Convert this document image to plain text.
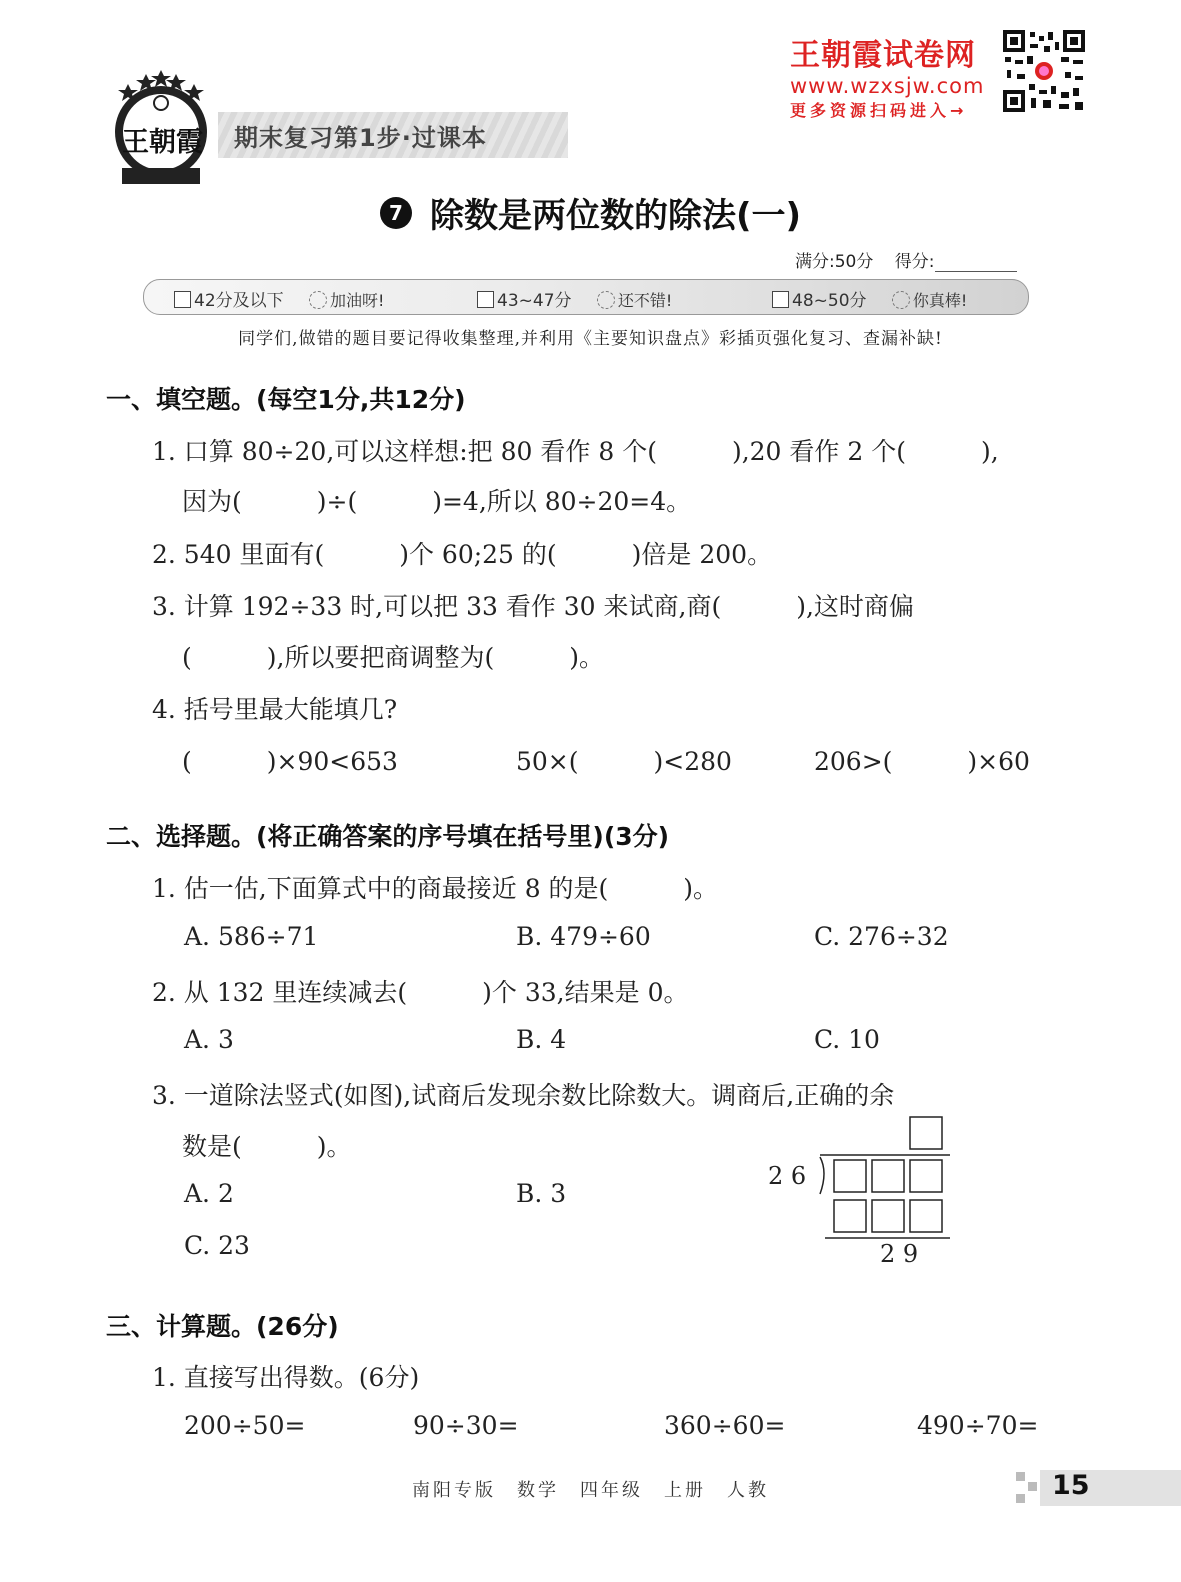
王朝霞 期末复习第1步·过课本
王朝霞试卷网
www.wzxsjw.com
更多资源扫码进入→
7 除数是两位数的除法(一)
满分:50分 得分:
42分及以下	加油呀!	43~47分	还不错!	48~50分	你真棒!
同学们,做错的题目要记得收集整理,并利用《主要知识盘点》彩插页强化复习、查漏补缺!
一、填空题。(每空1分,共12分)
1. 口算 80÷20,可以这样想:把 80 看作 8 个(　　　),20 看作 2 个(　　　),
因为(　　　)÷(　　　)=4,所以 80÷20=4。
2. 540 里面有(　　　)个 60;25 的(　　　)倍是 200。
3. 计算 192÷33 时,可以把 33 看作 30 来试商,商(　　　),这时商偏
(　　　),所以要把商调整为(　　　)。
4. 括号里最大能填几?
(　　　)×90<653	50×(　　　)<280	206>(　　　)×60
二、选择题。(将正确答案的序号填在括号里)(3分)
1. 估一估,下面算式中的商最接近 8 的是(　　　)。
A. 586÷71	B. 479÷60	C. 276÷32
2. 从 132 里连续减去(　　　)个 33,结果是 0。
A. 3	B. 4	C. 10
3. 一道除法竖式(如图),试商后发现余数比除数大。调商后,正确的余
数是(　　　)。
A. 2	B. 3
C. 23
2 6
2 9
三、计算题。(26分)
1. 直接写出得数。(6分)
200÷50=	90÷30=	360÷60=	490÷70=
南阳专版　数学　四年级　上册　人教	15
